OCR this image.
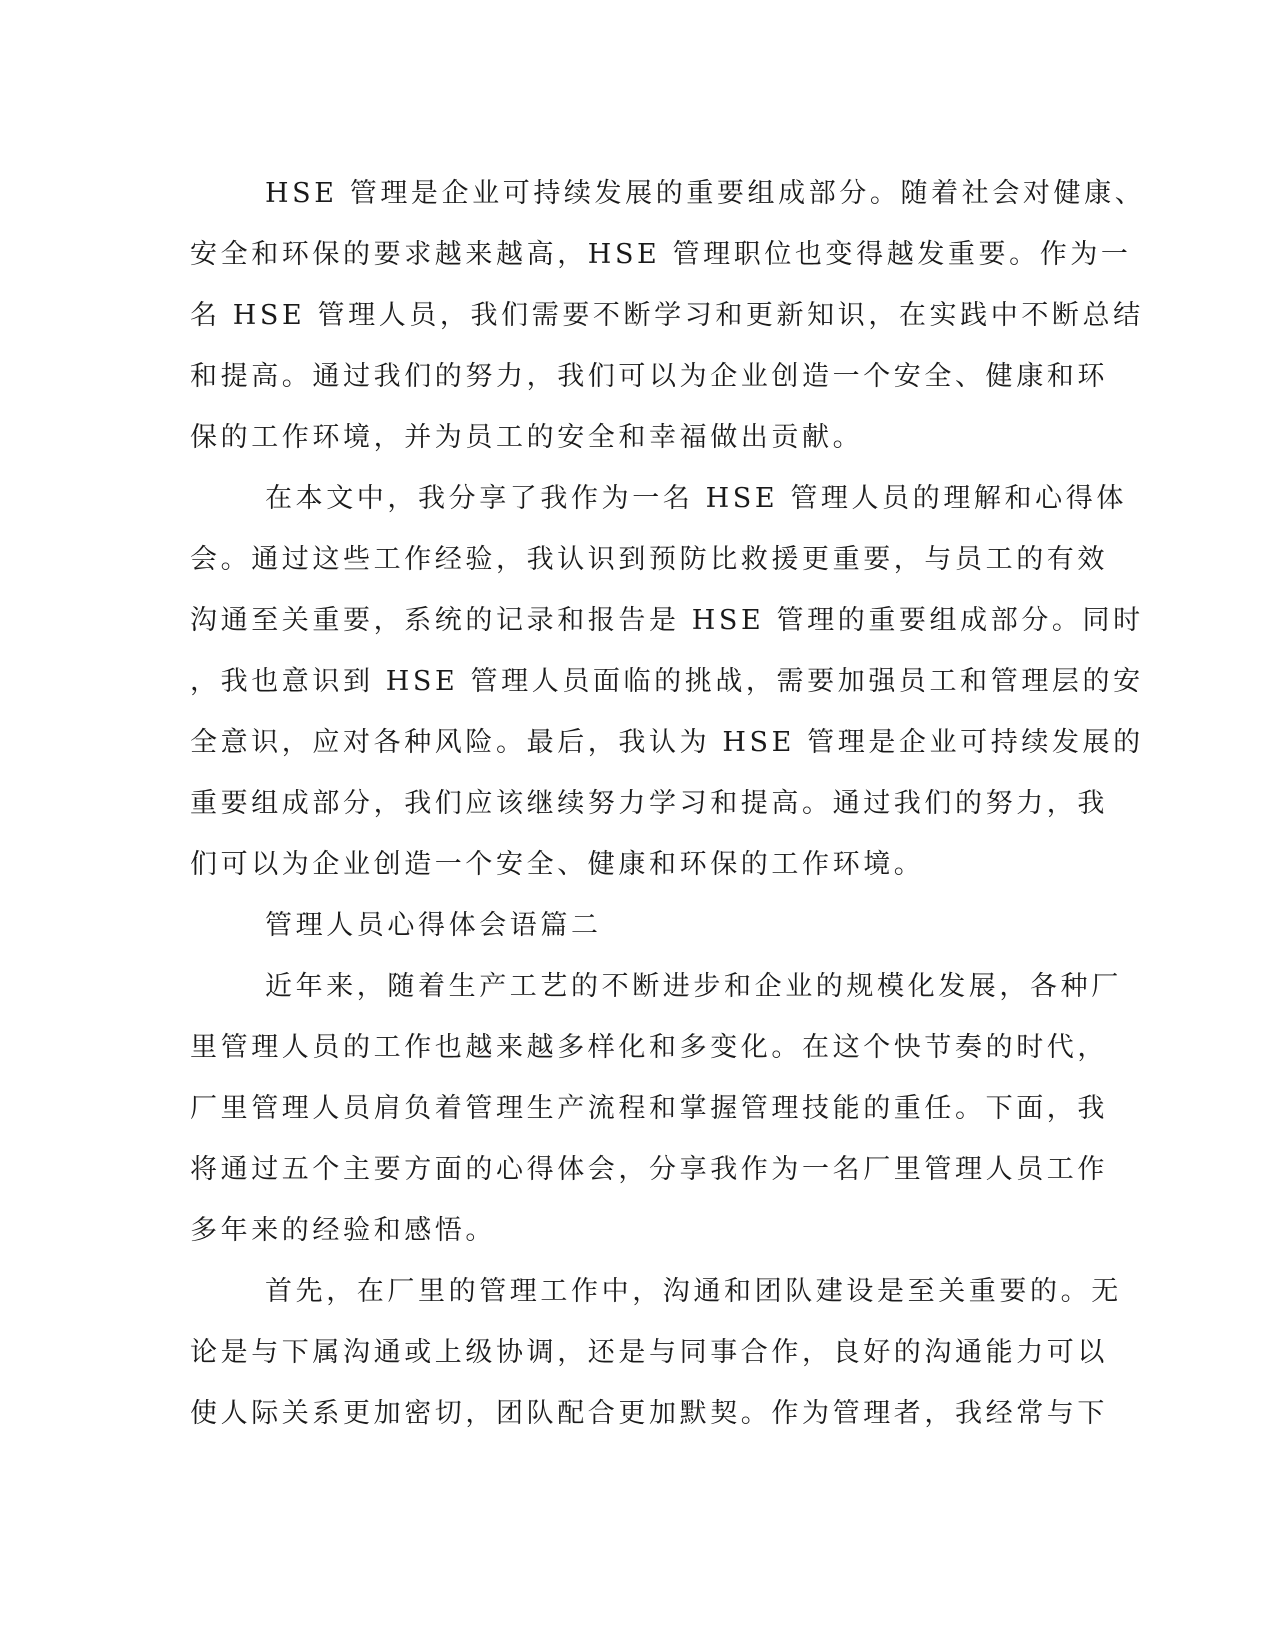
HSE 管理是企业可持续发展的重要组成部分。随着社会对健康、
安全和环保的要求越来越高，HSE 管理职位也变得越发重要。作为一
名 HSE 管理人员，我们需要不断学习和更新知识，在实践中不断总结
和提高。通过我们的努力，我们可以为企业创造一个安全、健康和环
保的工作环境，并为员工的安全和幸福做出贡献。
在本文中，我分享了我作为一名 HSE 管理人员的理解和心得体
会。通过这些工作经验，我认识到预防比救援更重要，与员工的有效
沟通至关重要，系统的记录和报告是 HSE 管理的重要组成部分。同时
，我也意识到 HSE 管理人员面临的挑战，需要加强员工和管理层的安
全意识，应对各种风险。最后，我认为 HSE 管理是企业可持续发展的
重要组成部分，我们应该继续努力学习和提高。通过我们的努力，我
们可以为企业创造一个安全、健康和环保的工作环境。
管理人员心得体会语篇二
近年来，随着生产工艺的不断进步和企业的规模化发展，各种厂
里管理人员的工作也越来越多样化和多变化。在这个快节奏的时代，
厂里管理人员肩负着管理生产流程和掌握管理技能的重任。下面，我
将通过五个主要方面的心得体会，分享我作为一名厂里管理人员工作
多年来的经验和感悟。
首先，在厂里的管理工作中，沟通和团队建设是至关重要的。无
论是与下属沟通或上级协调，还是与同事合作，良好的沟通能力可以
使人际关系更加密切，团队配合更加默契。作为管理者，我经常与下
